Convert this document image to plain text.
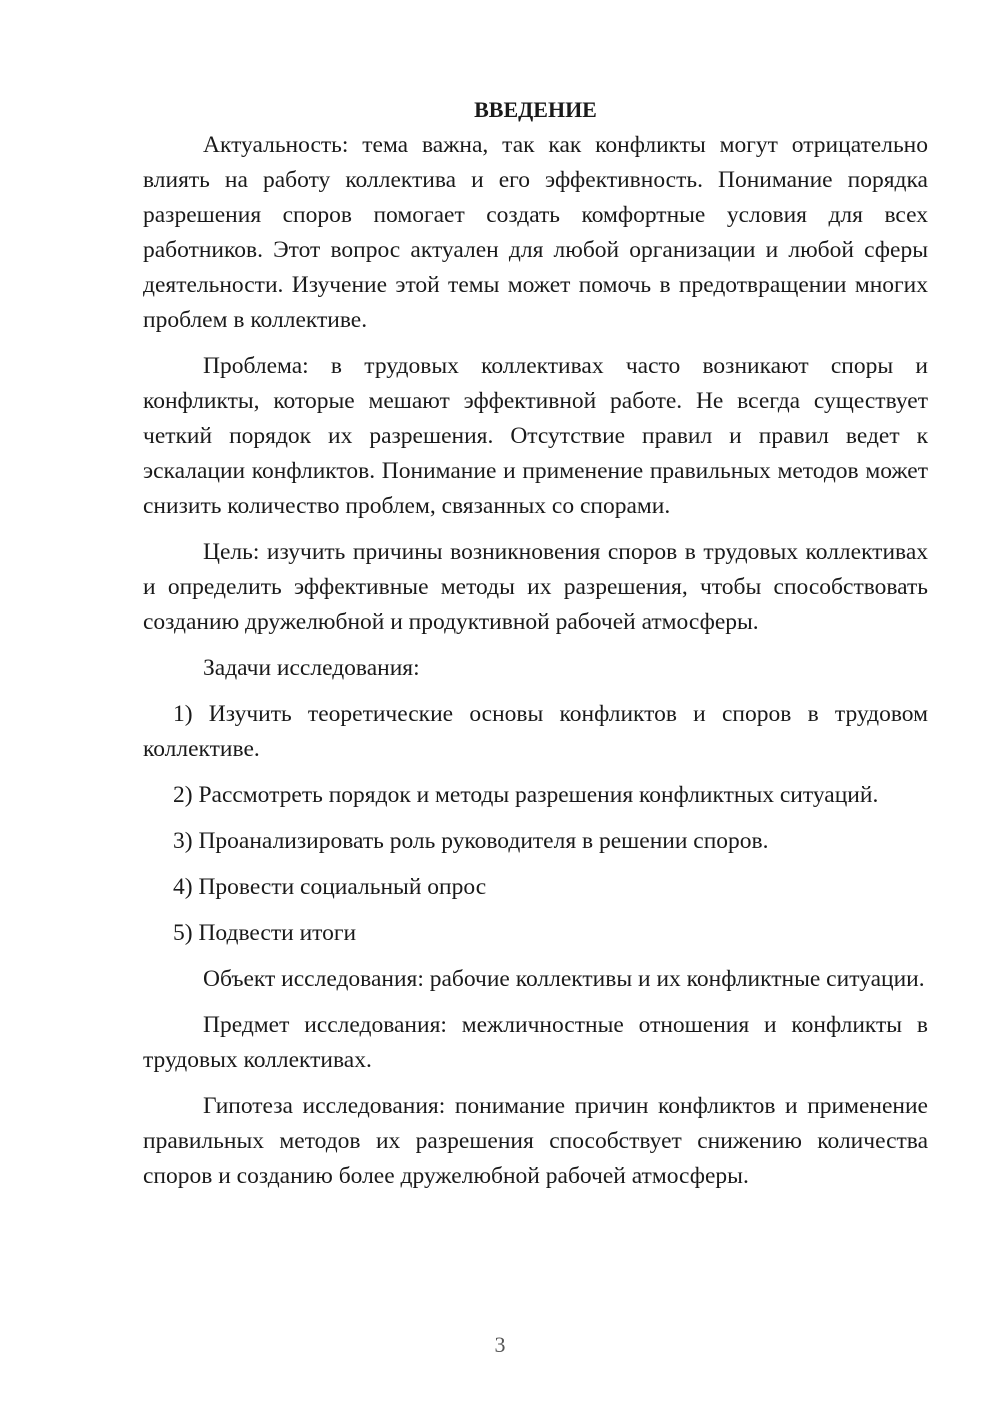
ВВЕДЕНИЕ

Актуальность: тема важна, так как конфликты могут отрицательно влиять на работу коллектива и его эффективность. Понимание порядка разрешения споров помогает создать комфортные условия для всех работников. Этот вопрос актуален для любой организации и любой сферы деятельности. Изучение этой темы может помочь в предотвращении многих проблем в коллективе.

Проблема: в трудовых коллективах часто возникают споры и конфликты, которые мешают эффективной работе. Не всегда существует четкий порядок их разрешения. Отсутствие правил и правил ведет к эскалации конфликтов. Понимание и применение правильных методов может снизить количество проблем, связанных со спорами.

Цель: изучить причины возникновения споров в трудовых коллективах и определить эффективные методы их разрешения, чтобы способствовать созданию дружелюбной и продуктивной рабочей атмосферы.

Задачи исследования:

1) Изучить теоретические основы конфликтов и споров в трудовом коллективе.

2) Рассмотреть порядок и методы разрешения конфликтных ситуаций.

3) Проанализировать роль руководителя в решении споров.

4) Провести социальный опрос

5) Подвести итоги

Объект исследования: рабочие коллективы и их конфликтные ситуации.

Предмет исследования: межличностные отношения и конфликты в трудовых коллективах.

Гипотеза исследования: понимание причин конфликтов и применение правильных методов их разрешения способствует снижению количества споров и созданию более дружелюбной рабочей атмосферы.

3
